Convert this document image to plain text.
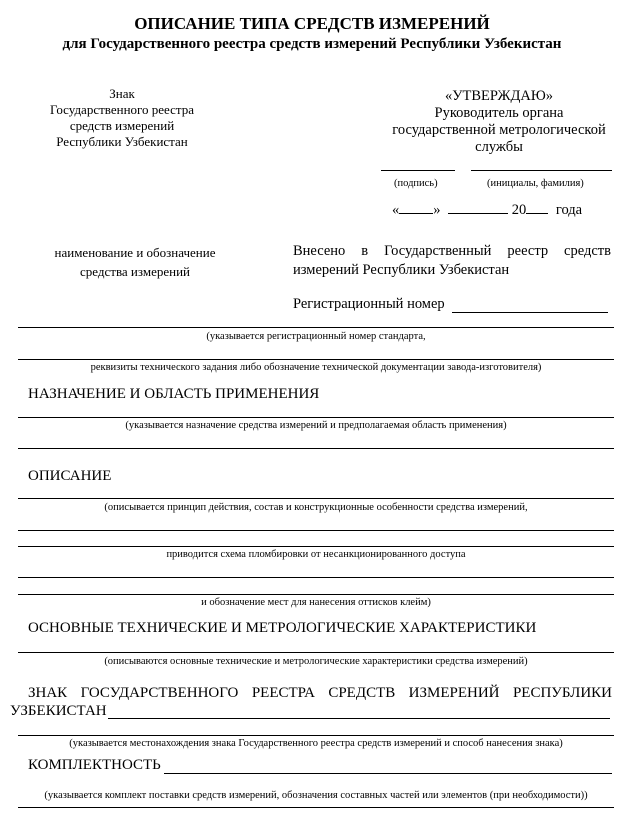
ОПИСАНИЕ ТИПА СРЕДСТВ ИЗМЕРЕНИЙ
для Государственного реестра средств измерений Республики Узбекистан
Знак
Государственного реестра
средств измерений
Республики Узбекистан
«УТВЕРЖДАЮ»
Руководитель органа
государственной метрологической
службы
(подпись)	(инициалы, фамилия)
« »	20 года
наименование и обозначение
средства измерений
Внесено в Государственный реестр средств
измерений Республики Узбекистан
Регистрационный номер
(указывается регистрационный номер стандарта,
реквизиты технического задания либо обозначение технической документации завода-изготовителя)
НАЗНАЧЕНИЕ И ОБЛАСТЬ ПРИМЕНЕНИЯ
(указывается назначение средства измерений и предполагаемая область применения)
ОПИСАНИЕ
(описывается принцип действия, состав и конструкционные особенности средства измерений,
приводится схема пломбировки от несанкционированного доступа
и обозначение мест для нанесения оттисков клейм)
ОСНОВНЫЕ ТЕХНИЧЕСКИЕ И МЕТРОЛОГИЧЕСКИЕ ХАРАКТЕРИСТИКИ
(описываются основные технические и метрологические характеристики средства измерений)
ЗНАК ГОСУДАРСТВЕННОГО РЕЕСТРА СРЕДСТВ ИЗМЕРЕНИЙ РЕСПУБЛИКИ
УЗБЕКИСТАН
(указывается местонахождения знака Государственного реестра средств измерений и способ нанесения знака)
КОМПЛЕКТНОСТЬ
(указывается комплект поставки средств измерений, обозначения составных частей или элементов (при необходимости))
